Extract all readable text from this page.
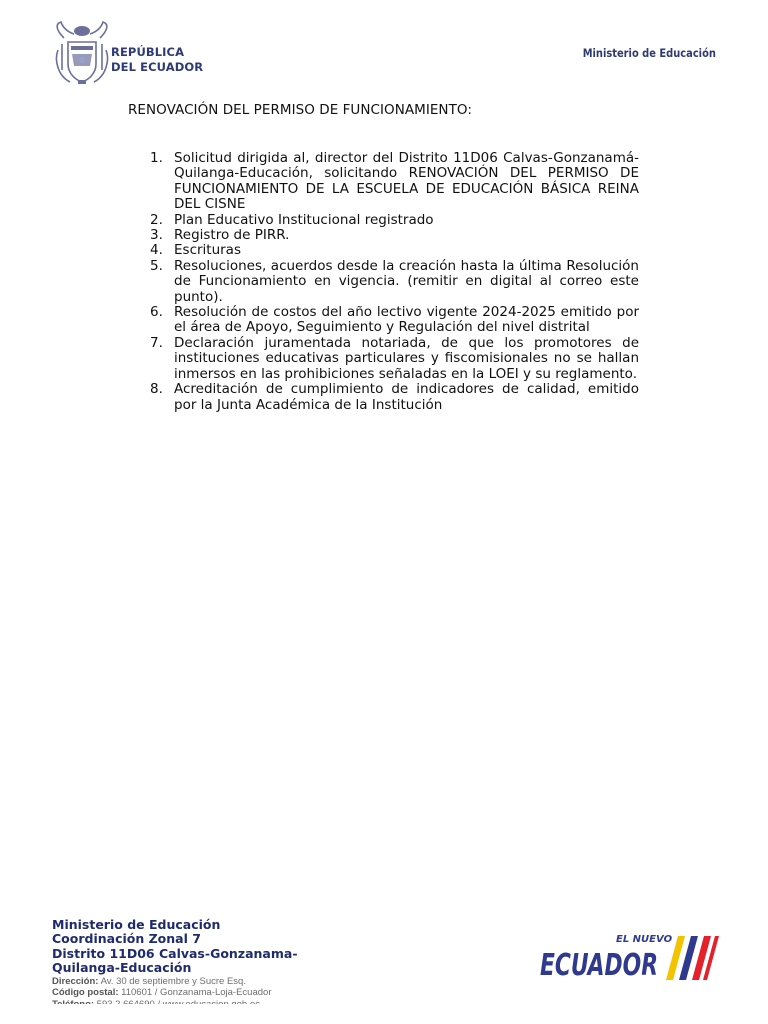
REPÚBLICA
DEL ECUADOR
Ministerio de Educación
RENOVACIÓN DEL PERMISO DE FUNCIONAMIENTO:
1. Solicitud dirigida al, director del Distrito 11D06 Calvas-Gonzanamá-Quilanga-Educación, solicitando RENOVACIÓN DEL PERMISO DE FUNCIONAMIENTO DE LA ESCUELA DE EDUCACIÓN BÁSICA REINA DEL CISNE
2. Plan Educativo Institucional registrado
3. Registro de PIRR.
4. Escrituras
5. Resoluciones, acuerdos desde la creación hasta la última Resolución de Funcionamiento en vigencia. (remitir en digital al correo este punto).
6. Resolución de costos del año lectivo vigente 2024-2025 emitido por el área de Apoyo, Seguimiento y Regulación del nivel distrital
7. Declaración juramentada notariada, de que los promotores de instituciones educativas particulares y fiscomisionales no se hallan inmersos en las prohibiciones señaladas en la LOEI y su reglamento.
8. Acreditación de cumplimiento de indicadores de calidad, emitido por la Junta Académica de la Institución
Ministerio de Educación
Coordinación Zonal 7
Distrito 11D06 Calvas-Gonzanama-
Quilanga-Educación
Dirección: Av. 30 de septiembre y Sucre Esq.
Código postal: 110601 / Gonzanama-Loja-Ecuador
EL NUEVO
ECUADOR
